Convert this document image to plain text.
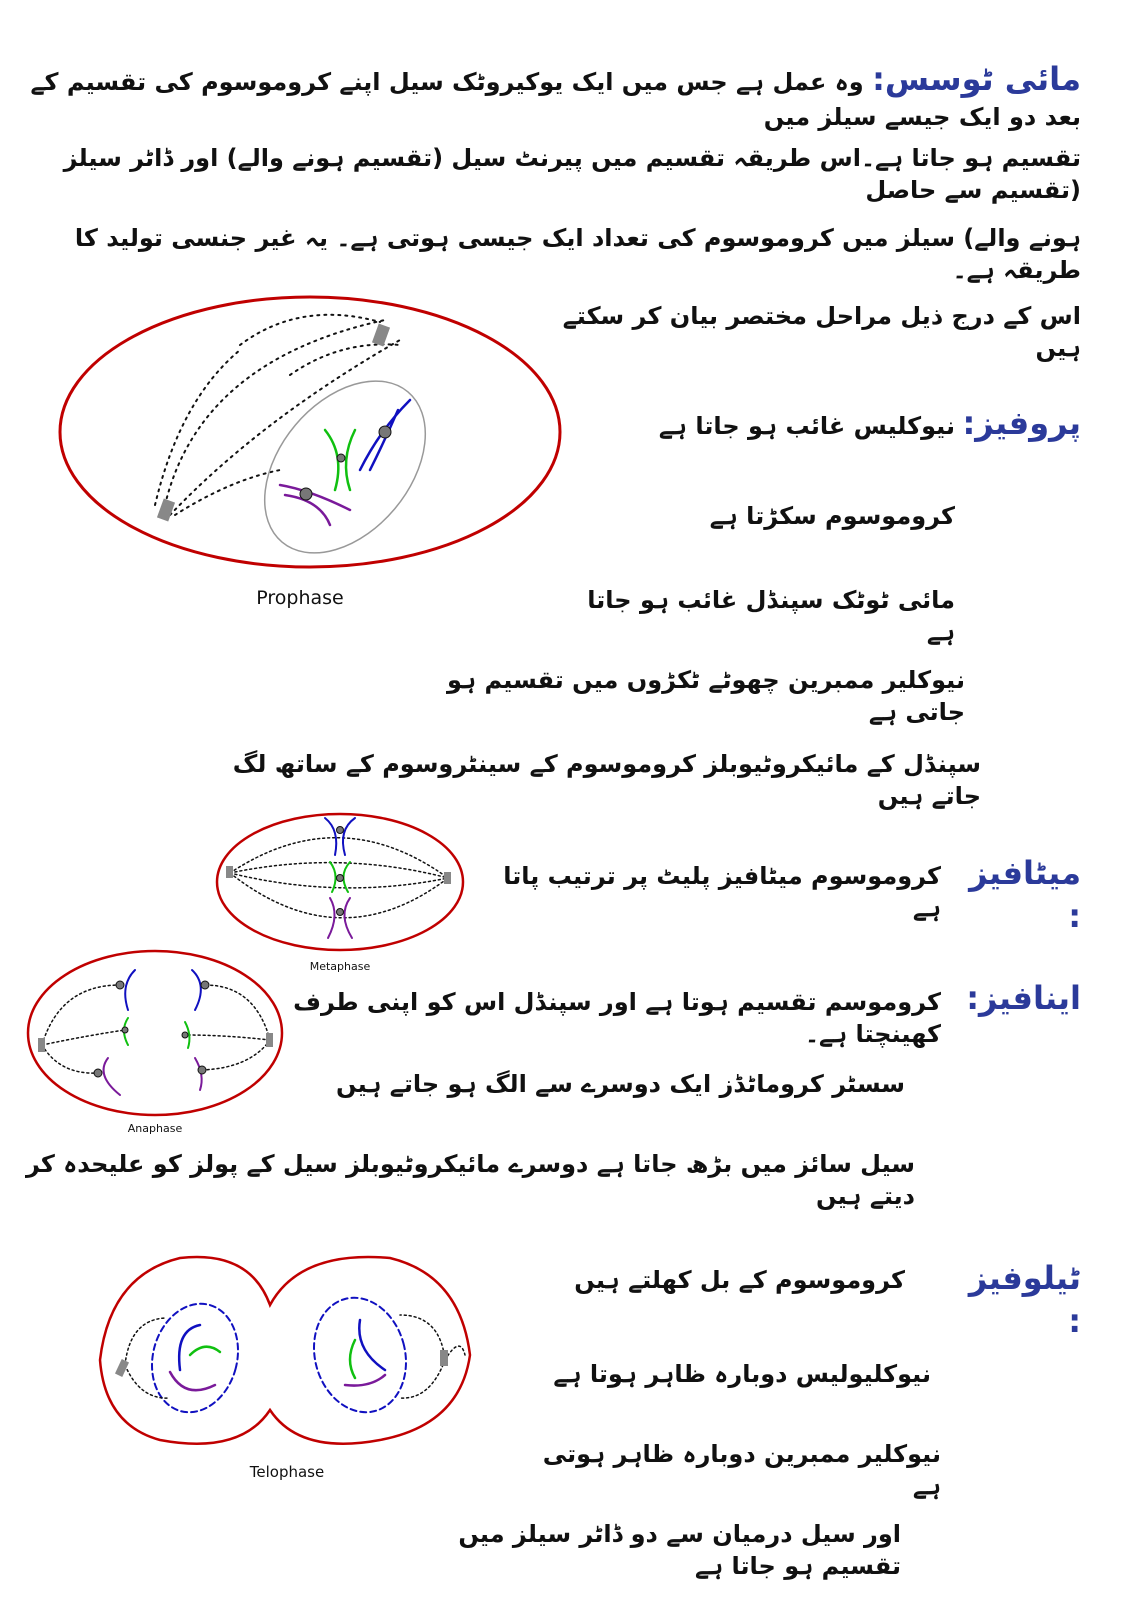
مائی ٹوسس: وہ عمل ہے جس میں ایک یوکیروٹک سیل اپنے کروموسوم کی تقسیم کے بعد دو ایک جیسے سیلز میں
تقسیم ہو جاتا ہے۔اس طریقہ تقسیم میں پیرنٹ سیل (تقسیم ہونے والے) اور ڈاٹر سیلز (تقسیم سے حاصل
ہونے والے) سیلز میں کروموسوم کی تعداد ایک جیسی ہوتی ہے۔ یہ غیر جنسی تولید کا طریقہ ہے۔
اس کے درج ذیل مراحل مختصر بیان کر سکتے ہیں
پروفیز:
نیوکلیس غائب ہو جاتا ہے
کروموسوم سکڑتا ہے
مائی ٹوٹک سپنڈل غائب ہو جاتا ہے
نیوکلیر ممبرین چھوٹے ٹکڑوں میں تقسیم ہو جاتی ہے
سپنڈل کے مائیکروٹیوبلز کروموسوم کے سینٹروسوم کے ساتھ لگ جاتے ہیں
میٹافیز:
کروموسوم میٹافیز پلیٹ پر ترتیب پاتا ہے
اینافیز:
کروموسم تقسیم ہوتا ہے اور سپنڈل اس کو اپنی طرف کھینچتا ہے۔
سسٹر کروماٹڈز ایک دوسرے سے الگ ہو جاتے ہیں
سیل سائز میں بڑھ جاتا ہے دوسرے مائیکروٹیوبلز سیل کے پولز کو علیحدہ کر دیتے ہیں
ٹیلوفیز:
کروموسوم کے بل کھلتے ہیں
نیوکلیولیس دوبارہ ظاہر ہوتا ہے
نیوکلیر ممبرین دوبارہ ظاہر ہوتی ہے
اور سیل درمیان سے دو ڈاٹر سیلز میں تقسیم ہو جاتا ہے
Prophase
Metaphase
Anaphase
Telophase
